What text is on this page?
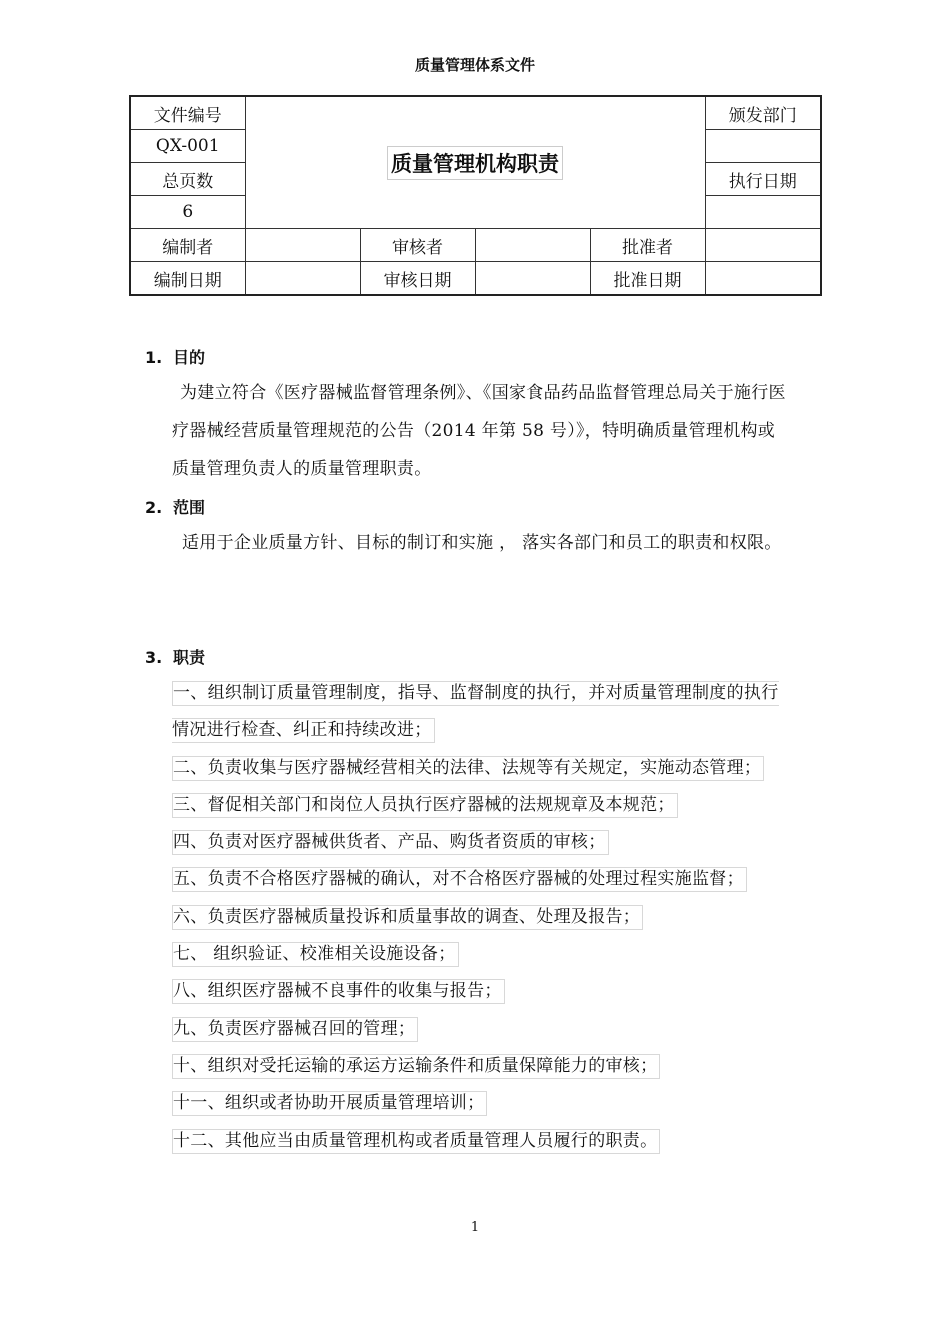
质量管理体系文件
文件编号	质量管理机构职责				颁发部门
QX-001					
总页数					执行日期
6					
编制者		审核者		批准者	
编制日期		审核日期		批准日期	
1. 目的
为建立符合《医疗器械监督管理条例》、《国家食品药品监督管理总局关于施行医疗器械经营质量管理规范的公告（2014 年第 58 号）》，特明确质量管理机构或质量管理负责人的质量管理职责。
2. 范围
适用于企业质量方针、目标的制订和实施 ， 落实各部门和员工的职责和权限。
3. 职责
一、组织制订质量管理制度，指导、监督制度的执行，并对质量管理制度的执行情况进行检查、纠正和持续改进；
二、负责收集与医疗器械经营相关的法律、法规等有关规定，实施动态管理；
三、督促相关部门和岗位人员执行医疗器械的法规规章及本规范；
四、负责对医疗器械供货者、产品、购货者资质的审核；
五、负责不合格医疗器械的确认，对不合格医疗器械的处理过程实施监督；
六、负责医疗器械质量投诉和质量事故的调查、处理及报告；
七、 组织验证、校准相关设施设备；
八、组织医疗器械不良事件的收集与报告；
九、负责医疗器械召回的管理；
十、组织对受托运输的承运方运输条件和质量保障能力的审核；
十一、组织或者协助开展质量管理培训；
十二、其他应当由质量管理机构或者质量管理人员履行的职责。
1
